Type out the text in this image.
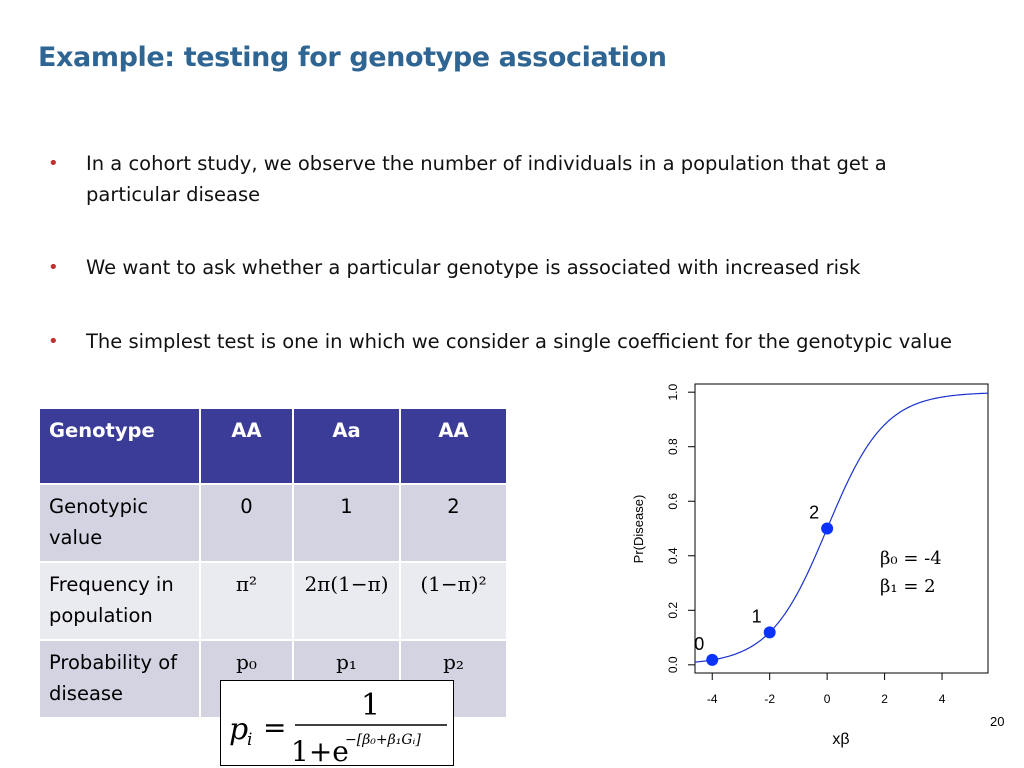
Example: testing for genotype association
• In a cohort study, we observe the number of individuals in a population that get a particular disease
• We want to ask whether a particular genotype is associated with increased risk
• The simplest test is one in which we consider a single coefficient for the genotypic value
Genotype	AA	Aa	AA
Genotypic value	0	1	2
Frequency in population	π²	2π(1−π)	(1−π)²
Probability of disease	p₀	p₁	p₂
p
i =
1
1+e
−[β₀+β₁Gᵢ]
0.0
0.2
0.4
0.6
0.8
1.0
-4	-2	0	2	4
0
1
2
xβ
Pr(Disease)	β₀ = -4
β₁ = 2
20
